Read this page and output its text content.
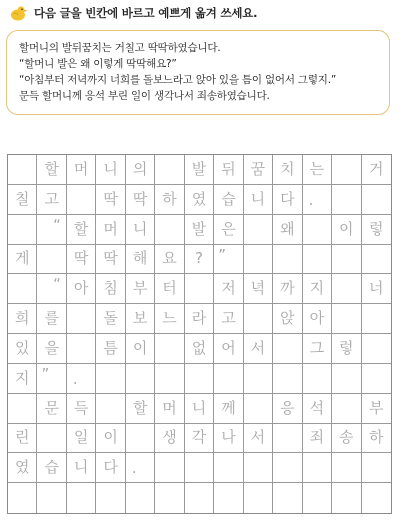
다음 글을 빈칸에 바르고 예쁘게 옮겨 쓰세요.
할머니의 발뒤꿈치는 거칠고 딱딱하였습니다.
“할머니 발은 왜 이렇게 딱딱해요?”
“아침부터 저녁까지 너희를 돌보느라고 앉아 있을 틈이 없어서 그렇지.”
문득 할머니께 응석 부린 일이 생각나서 죄송하였습니다.
할 머 니 의	발 뒤 꿈 치 는	거
칠 고	딱 딱 하 였 습 니 다 .
“ 할 머 니	발 은	왜	이	렇
게	딱 딱 해 요	?	”
“ 아 침 부 터	저 녁 까 지	너
희 를	돌 보 느 라 고	앉 아
있 을	틈 이	없 어 서	그 렇
지 ”	.
문 득	할 머 니 께	응 석	부
린	일 이	생 각 나 서	죄 송	하
였 습 니 다 .
